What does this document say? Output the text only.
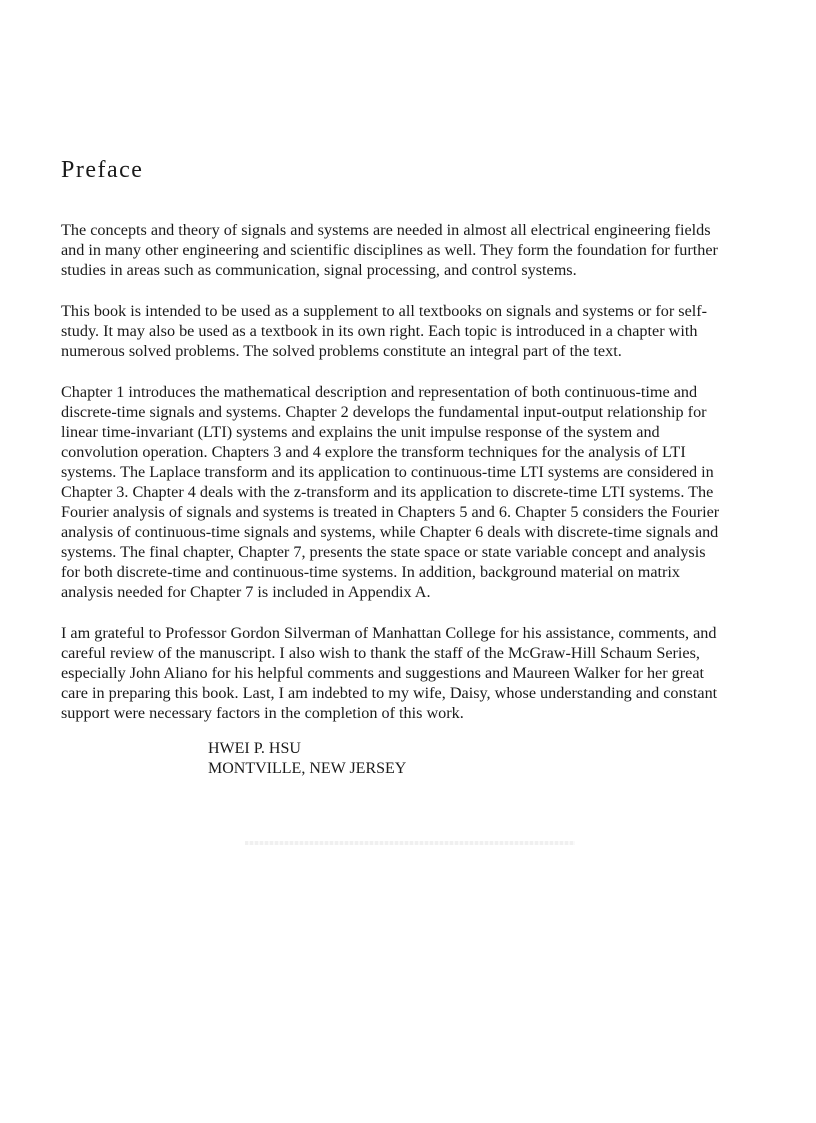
Preface

The concepts and theory of signals and systems are needed in almost all electrical engineering fields
and in many other engineering and scientific disciplines as well. They form the foundation for further
studies in areas such as communication, signal processing, and control systems.

This book is intended to be used as a supplement to all textbooks on signals and systems or for self-
study. It may also be used as a textbook in its own right. Each topic is introduced in a chapter with
numerous solved problems. The solved problems constitute an integral part of the text.

Chapter 1 introduces the mathematical description and representation of both continuous-time and
discrete-time signals and systems. Chapter 2 develops the fundamental input-output relationship for
linear time-invariant (LTI) systems and explains the unit impulse response of the system and
convolution operation. Chapters 3 and 4 explore the transform techniques for the analysis of LTI
systems. The Laplace transform and its application to continuous-time LTI systems are considered in
Chapter 3. Chapter 4 deals with the z-transform and its application to discrete-time LTI systems. The
Fourier analysis of signals and systems is treated in Chapters 5 and 6. Chapter 5 considers the Fourier
analysis of continuous-time signals and systems, while Chapter 6 deals with discrete-time signals and
systems. The final chapter, Chapter 7, presents the state space or state variable concept and analysis
for both discrete-time and continuous-time systems. In addition, background material on matrix
analysis needed for Chapter 7 is included in Appendix A.

I am grateful to Professor Gordon Silverman of Manhattan College for his assistance, comments, and
careful review of the manuscript. I also wish to thank the staff of the McGraw-Hill Schaum Series,
especially John Aliano for his helpful comments and suggestions and Maureen Walker for her great
care in preparing this book. Last, I am indebted to my wife, Daisy, whose understanding and constant
support were necessary factors in the completion of this work.

HWEI P. HSU
MONTVILLE, NEW JERSEY
